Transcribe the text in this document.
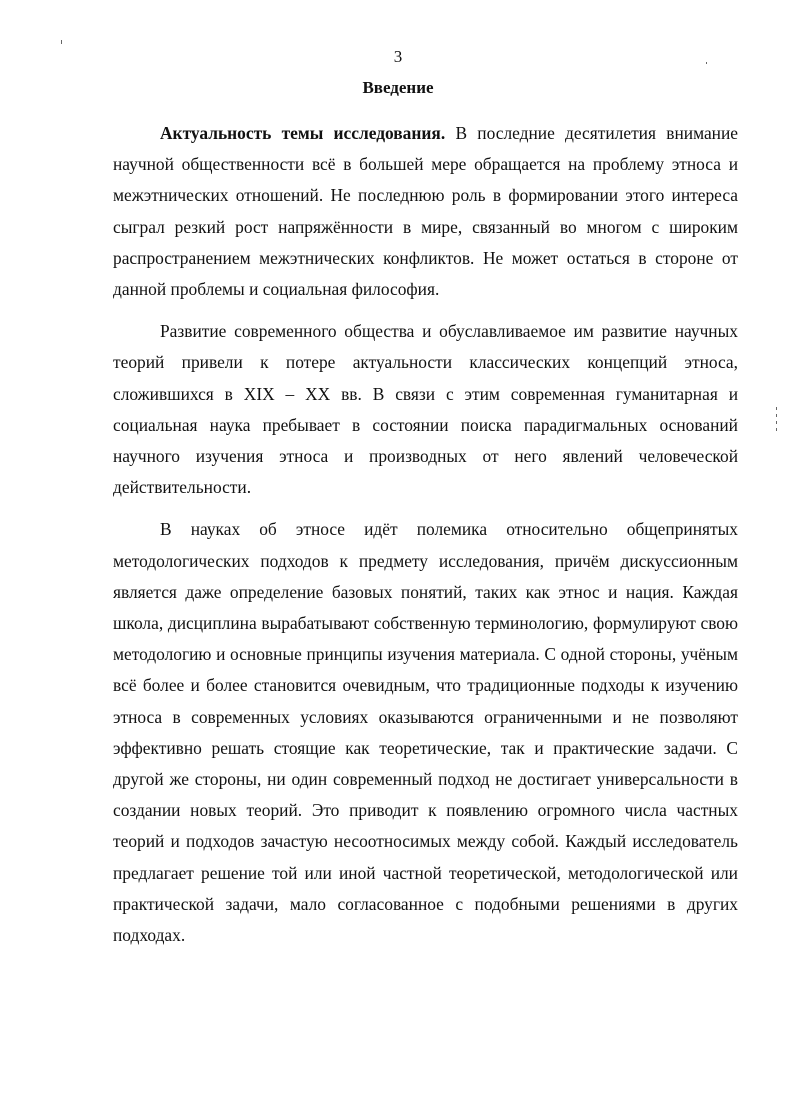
3
Введение

Актуальность темы исследования. В последние десятилетия внимание научной общественности всё в большей мере обращается на проблему этноса и межэтнических отношений. Не последнюю роль в формировании этого интереса сыграл резкий рост напряжённости в мире, связанный во многом с широким распространением межэтнических конфликтов. Не может остаться в стороне от данной проблемы и социальная философия.

Развитие современного общества и обуславливаемое им развитие научных теорий привели к потере актуальности классических концепций этноса, сложившихся в XIX – XX вв. В связи с этим современная гуманитарная и социальная наука пребывает в состоянии поиска парадигмальных оснований научного изучения этноса и производных от него явлений человеческой действительности.

В науках об этносе идёт полемика относительно общепринятых методологических подходов к предмету исследования, причём дискуссионным является даже определение базовых понятий, таких как этнос и нация. Каждая школа, дисциплина вырабатывают собственную терминологию, формулируют свою методологию и основные принципы изучения материала. С одной стороны, учёным всё более и более становится очевидным, что традиционные подходы к изучению этноса в современных условиях оказываются ограниченными и не позволяют эффективно решать стоящие как теоретические, так и практические задачи. С другой же стороны, ни один современный подход не достигает универсальности в создании новых теорий. Это приводит к появлению огромного числа частных теорий и подходов зачастую несоотносимых между собой. Каждый исследователь предлагает решение той или иной частной теоретической, методологической или практической задачи, мало согласованное с подобными решениями в других подходах.
